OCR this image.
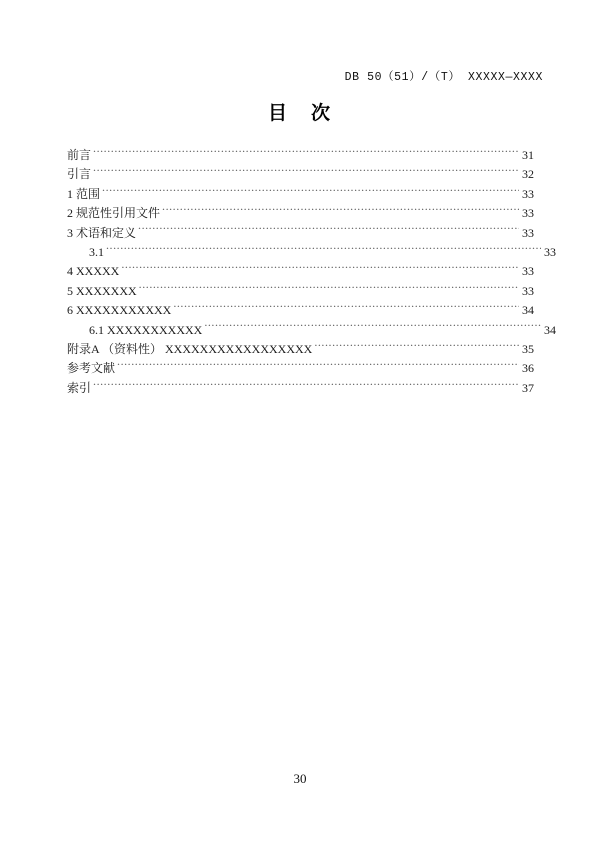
DB 50（51）/（T） XXXXX—XXXX
目 次
前言 .....	31
引言 .....	32
1 范围 .....	33
2 规范性引用文件 .....	33
3 术语和定义 .....	33
3.1 .....	33
4 XXXXX .....	33
5 XXXXXXX .....	33
6 XXXXXXXXXXX .....	34
6.1 XXXXXXXXXXX .....	34
附录A （资料性） XXXXXXXXXXXXXXXXX .....	35
参考文献 .....	36
索引 .....	37
30
